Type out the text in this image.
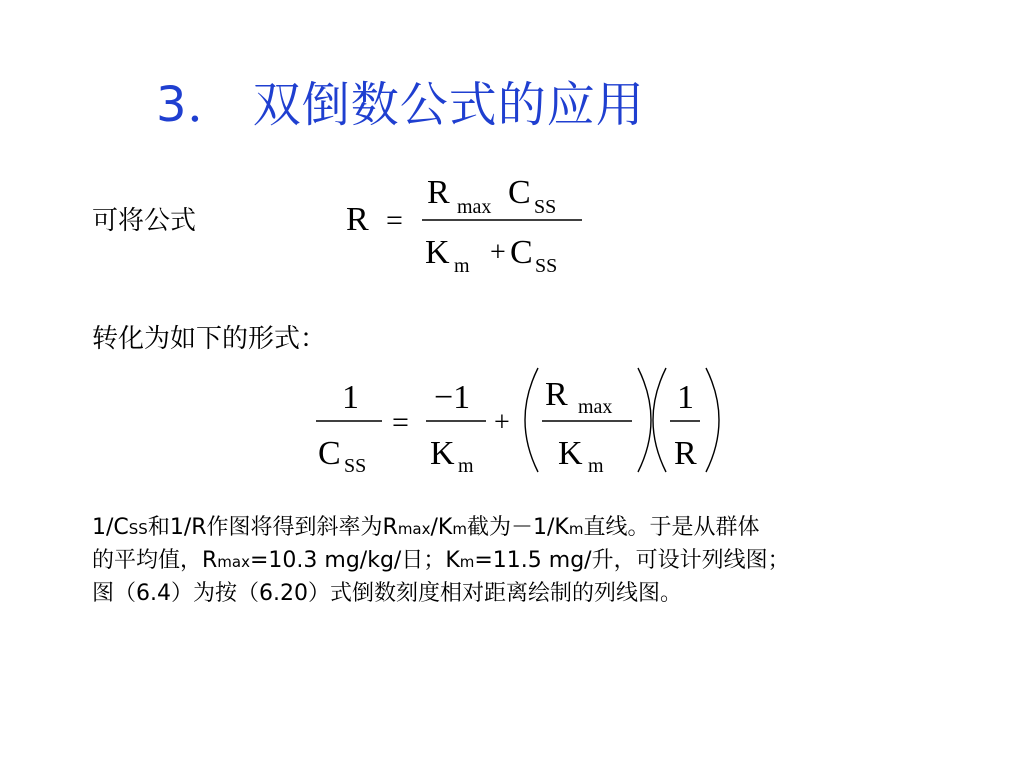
3． 双倒数公式的应用
可将公式	R =
R max C SS
K m + C SS
转化为如下的形式：
1
C SS
=
−1
K m
+
R max
K m
1
R
1/CSS和1/R作图将得到斜率为Rmax/Km截为－1/Km直线。于是从群体
的平均值，Rmax=10.3 mg/kg/日；Km=11.5 mg/升，可设计列线图；
图（6.4）为按（6.20）式倒数刻度相对距离绘制的列线图。
